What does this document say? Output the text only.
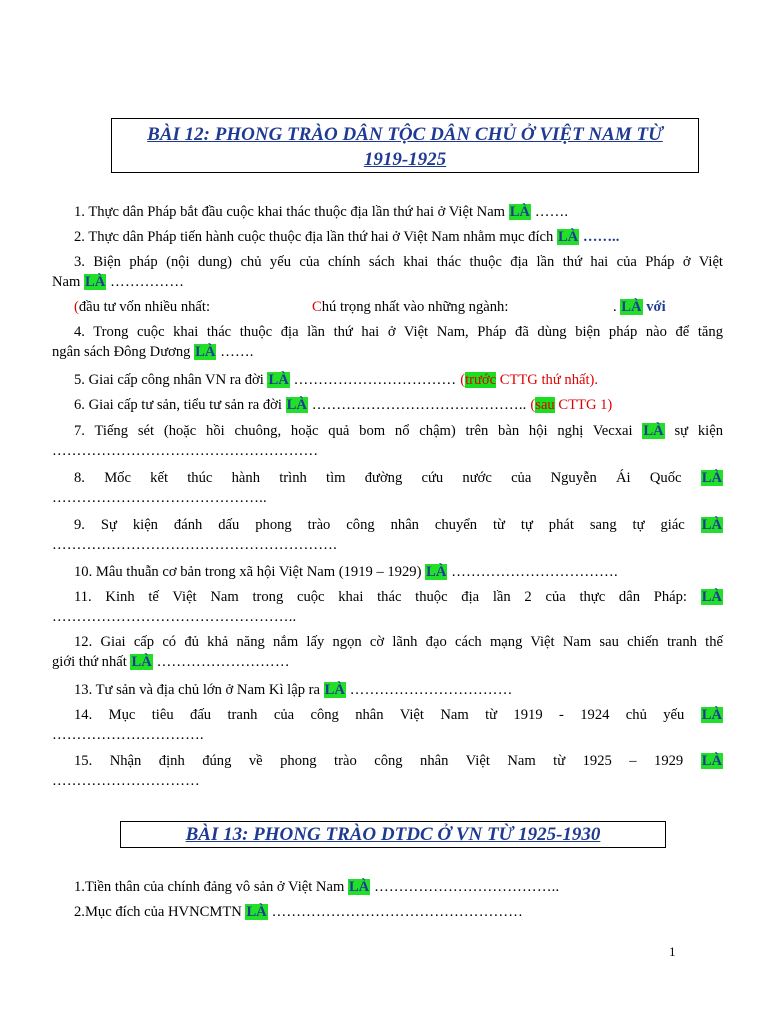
BÀI 12: PHONG TRÀO DÂN TỘC DÂN CHỦ Ở VIỆT NAM TỪ
1919-1925
1. Thực dân Pháp bắt đầu cuộc khai thác thuộc địa lần thứ hai ở Việt Nam LÀ …….
2. Thực dân Pháp tiến hành cuộc thuộc địa lần thứ hai ở Việt Nam nhằm mục đích LÀ ……..
3. Biện pháp (nội dung) chủ yếu của chính sách khai thác thuộc địa lần thứ hai của Pháp ở Việt
Nam LÀ ……………
(đầu tư vốn nhiều nhất:	Chú trọng nhất vào những ngành:	. LÀ với
4. Trong cuộc khai thác thuộc địa lần thứ hai ở Việt Nam, Pháp đã dùng biện pháp nào để tăng
ngân sách Đông Dương LÀ …….
5. Giai cấp công nhân VN ra đời LÀ …………………………… (trước CTTG thứ nhất).
6. Giai cấp tư sản, tiểu tư sản ra đời LÀ …………………………………….. (sau CTTG 1)
7. Tiếng sét (hoặc hồi chuông, hoặc quả bom nổ chậm) trên bàn hội nghị Vecxai LÀ sự kiện
………………………………………………
8. Mốc kết thúc hành trình tìm đường cứu nước của Nguyễn Ái Quốc LÀ
……………………………………..
9. Sự kiện đánh dấu phong trào công nhân chuyển từ tự phát sang tự giác LÀ
………………………………………………….
10. Mâu thuẫn cơ bản trong xã hội Việt Nam (1919 – 1929) LÀ …………………………….
11. Kinh tế Việt Nam trong cuộc khai thác thuộc địa lần 2 của thực dân Pháp: LÀ
…………………………………………..
12. Giai cấp có đủ khả năng nắm lấy ngọn cờ lãnh đạo cách mạng Việt Nam sau chiến tranh thế
giới thứ nhất LÀ ………………………
13. Tư sản và địa chủ lớn ở Nam Kì lập ra LÀ ……………………………
14. Mục tiêu đấu tranh của công nhân Việt Nam từ 1919 - 1924 chủ yếu LÀ
………………………….
15. Nhận định đúng về phong trào công nhân Việt Nam từ 1925 – 1929 LÀ
…………………………
BÀI 13: PHONG TRÀO DTDC Ở VN TỪ 1925-1930
1.Tiền thân của chính đảng vô sản ở Việt Nam LÀ ………………………………..
2.Mục đích của HVNCMTN LÀ ……………………………………………
1
